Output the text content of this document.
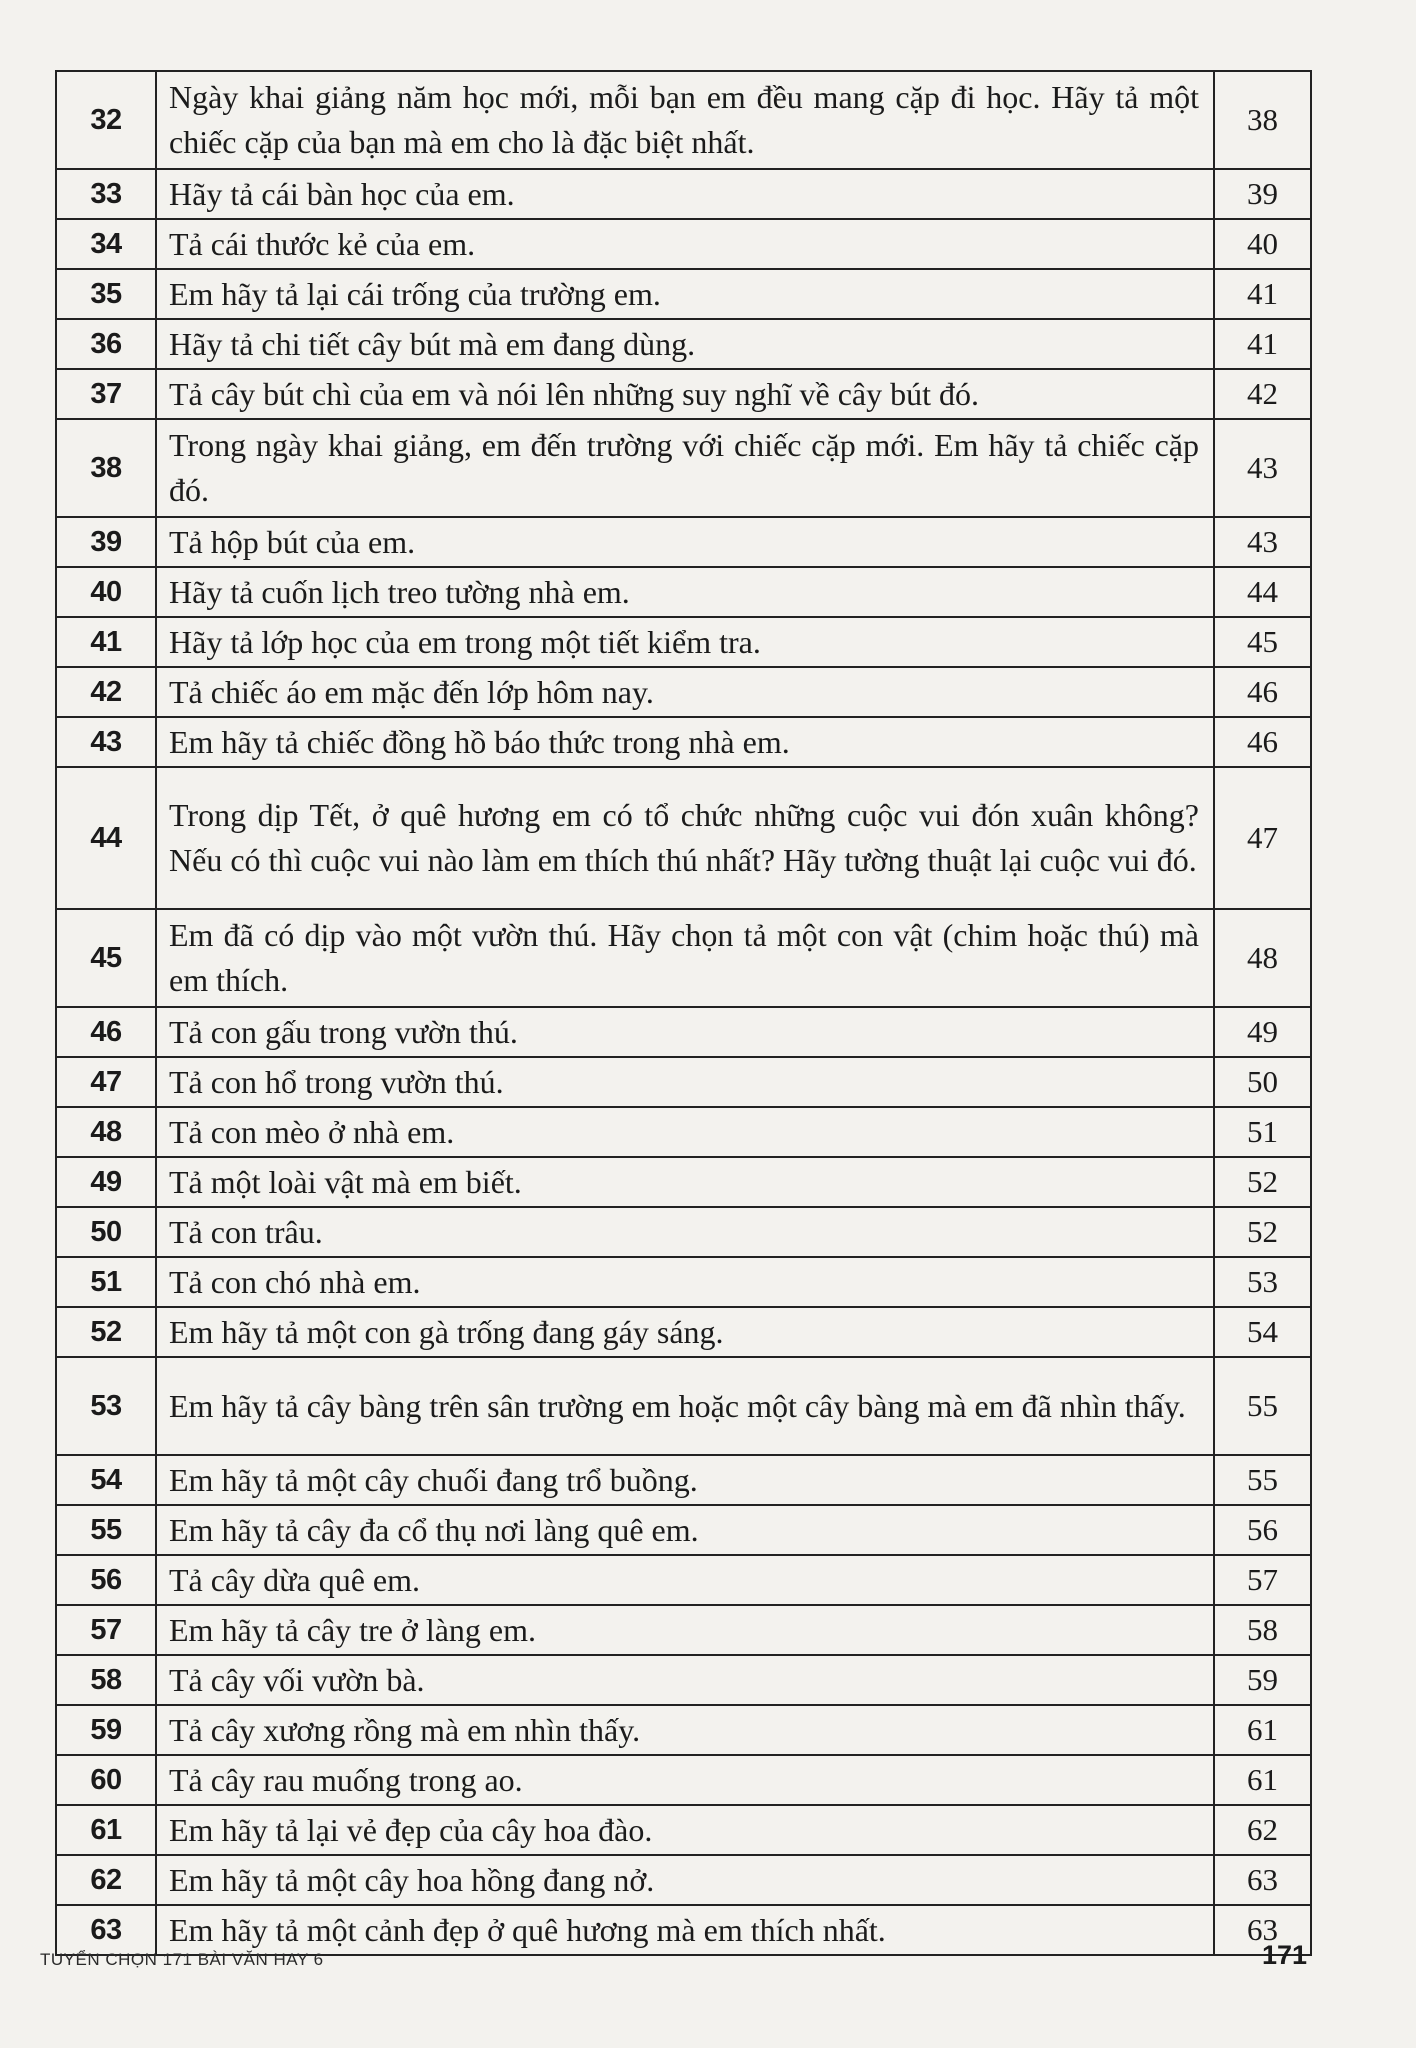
32	Ngày khai giảng năm học mới, mỗi bạn em đều mang cặp đi học. Hãy tả một chiếc cặp của bạn mà em cho là đặc biệt nhất.	38
33	Hãy tả cái bàn học của em.	39
34	Tả cái thước kẻ của em.	40
35	Em hãy tả lại cái trống của trường em.	41
36	Hãy tả chi tiết cây bút mà em đang dùng.	41
37	Tả cây bút chì của em và nói lên những suy nghĩ về cây bút đó.	42
38	Trong ngày khai giảng, em đến trường với chiếc cặp mới. Em hãy tả chiếc cặp đó.	43
39	Tả hộp bút của em.	43
40	Hãy tả cuốn lịch treo tường nhà em.	44
41	Hãy tả lớp học của em trong một tiết kiểm tra.	45
42	Tả chiếc áo em mặc đến lớp hôm nay.	46
43	Em hãy tả chiếc đồng hồ báo thức trong nhà em.	46
44	Trong dịp Tết, ở quê hương em có tổ chức những cuộc vui đón xuân không? Nếu có thì cuộc vui nào làm em thích thú nhất? Hãy tường thuật lại cuộc vui đó.	47
45	Em đã có dịp vào một vườn thú. Hãy chọn tả một con vật (chim hoặc thú) mà em thích.	48
46	Tả con gấu trong vườn thú.	49
47	Tả con hổ trong vườn thú.	50
48	Tả con mèo ở nhà em.	51
49	Tả một loài vật mà em biết.	52
50	Tả con trâu.	52
51	Tả con chó nhà em.	53
52	Em hãy tả một con gà trống đang gáy sáng.	54
53	Em hãy tả cây bàng trên sân trường em hoặc một cây bàng mà em đã nhìn thấy.	55
54	Em hãy tả một cây chuối đang trổ buồng.	55
55	Em hãy tả cây đa cổ thụ nơi làng quê em.	56
56	Tả cây dừa quê em.	57
57	Em hãy tả cây tre ở làng em.	58
58	Tả cây vối vườn bà.	59
59	Tả cây xương rồng mà em nhìn thấy.	61
60	Tả cây rau muống trong ao.	61
61	Em hãy tả lại vẻ đẹp của cây hoa đào.	62
62	Em hãy tả một cây hoa hồng đang nở.	63
63	Em hãy tả một cảnh đẹp ở quê hương mà em thích nhất.	63
TUYỂN CHỌN 171 BÀI VĂN HAY 6	171
